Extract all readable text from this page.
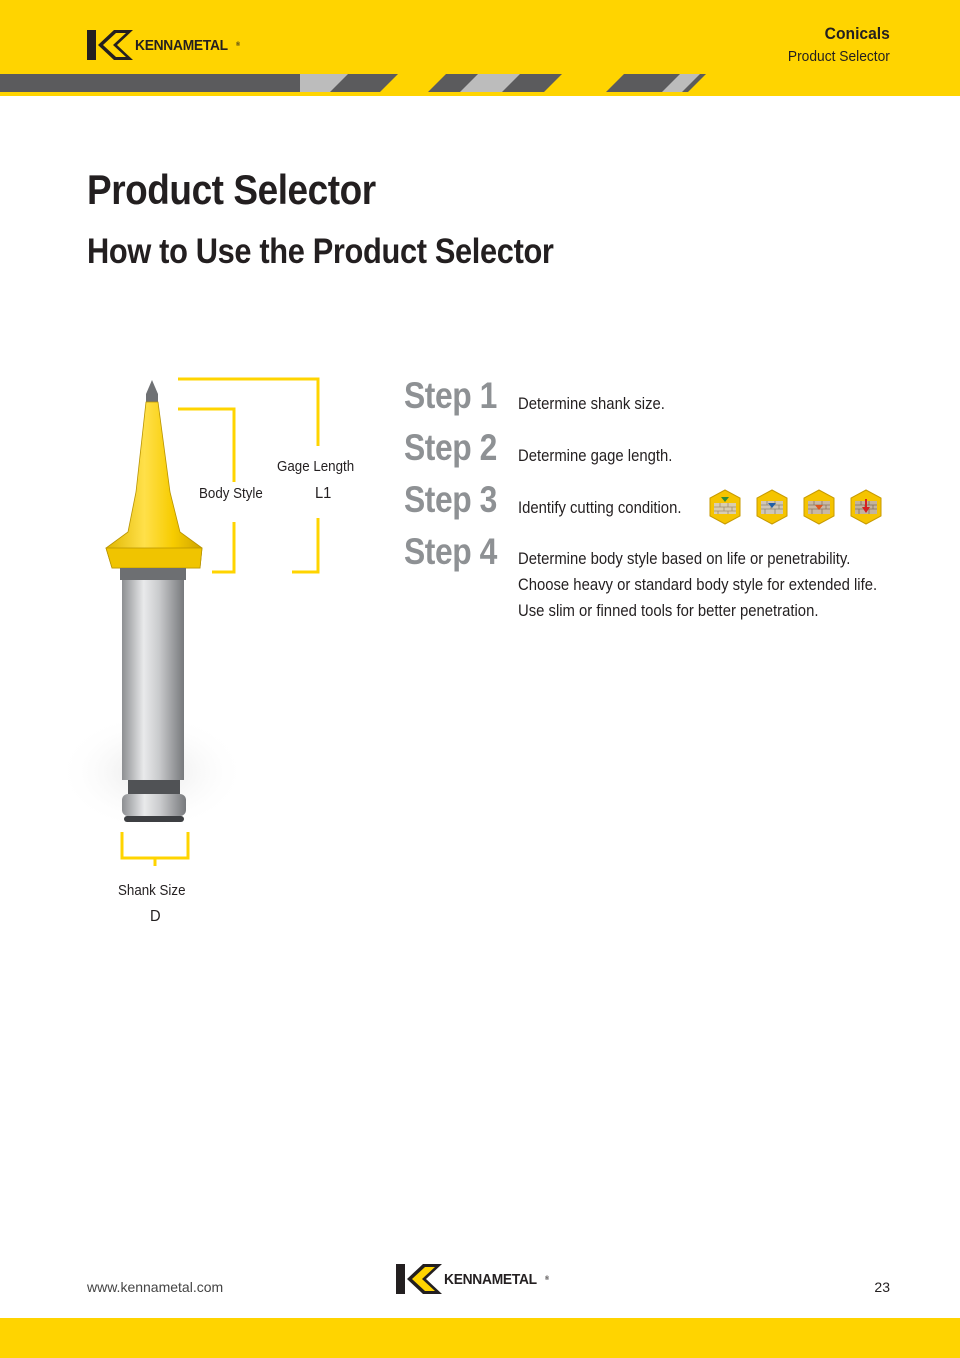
KENNAMETAL ®
Conicals
Product Selector
Product Selector
How to Use the Product Selector
Gage Length
L1
Body Style
Shank Size
D
Step 1 Determine shank size.
Step 2 Determine gage length.
Step 3 Identify cutting condition.
Step 4 Determine body style based on life or penetrability.
Choose heavy or standard body style for extended life.
Use slim or finned tools for better penetration.
www.kennametal.com	KENNAMETAL ®	23
